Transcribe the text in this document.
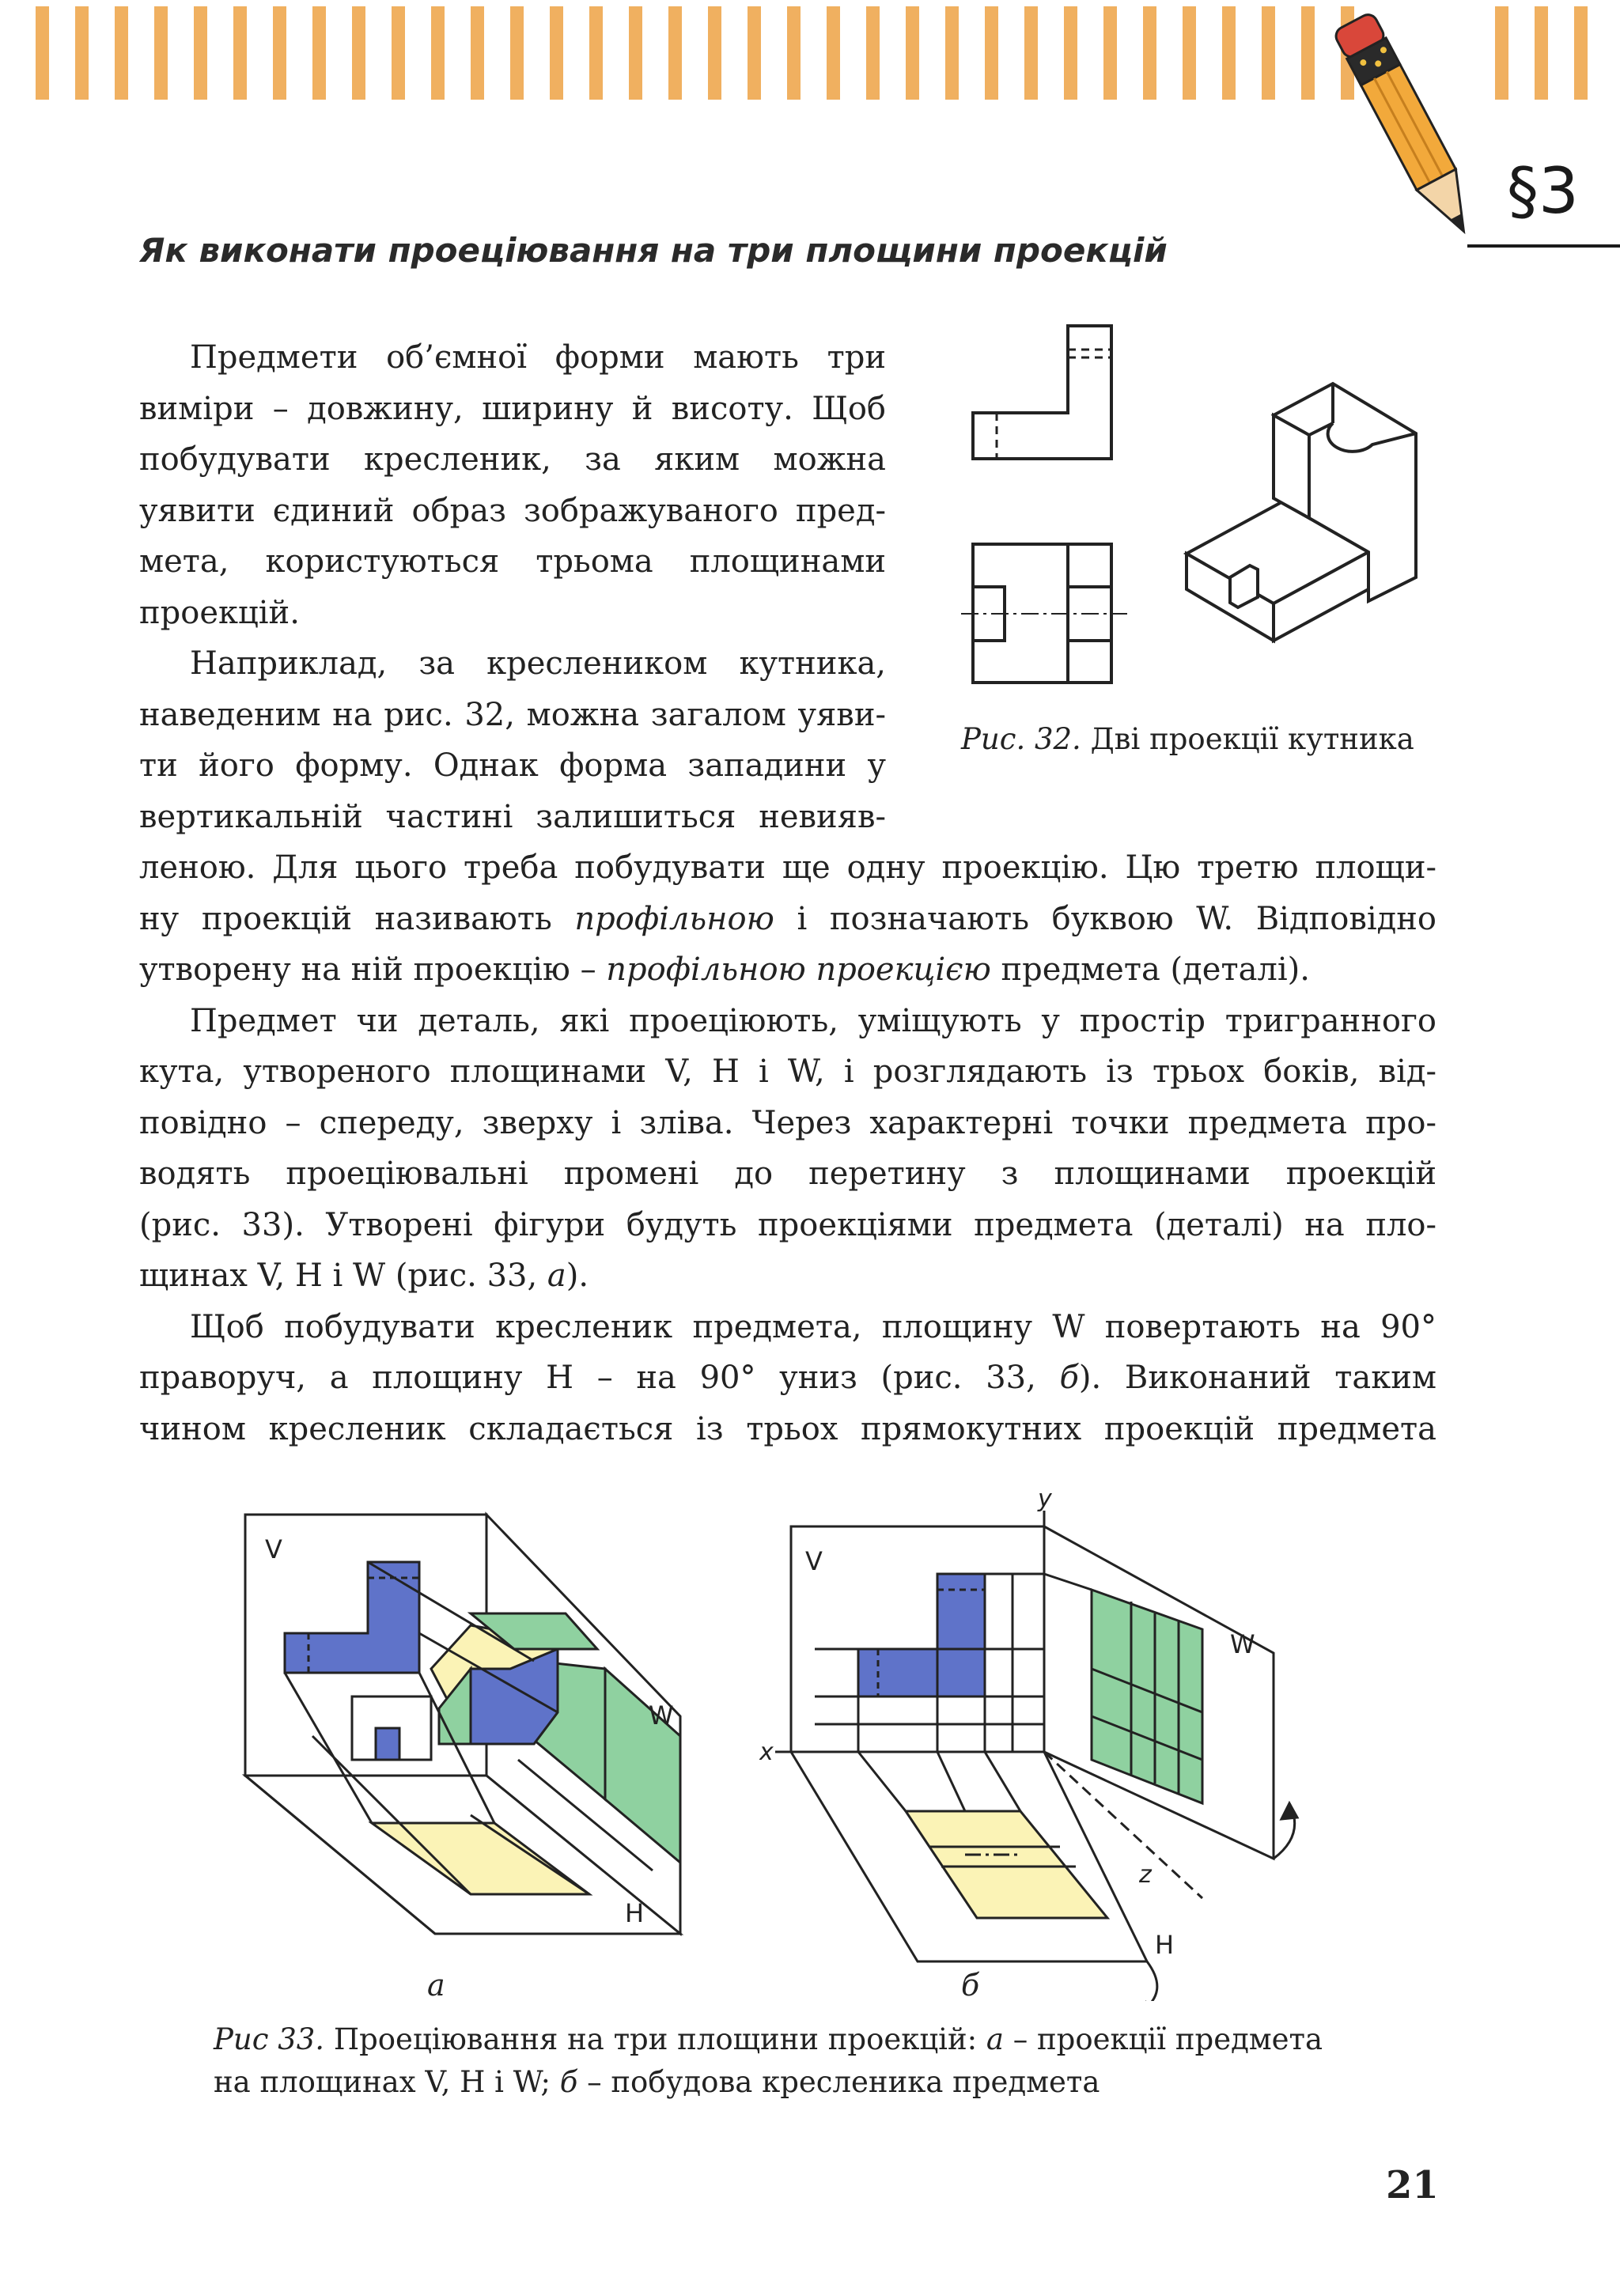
§3
Як виконати проеціювання на три площини проекцій

Предмети об’ємної форми мають три

виміри – довжину, ширину й висоту. Щоб

побудувати кресленик, за яким можна

уявити єдиний образ зображуваного пред-

мета, користуються трьома площинами

проекцій.

Наприклад, за креслеником кутника,

наведеним на рис. 32, можна загалом уяви-

ти його форму. Однак форма западини у

вертикальній частині залишиться невияв-

Рис. 32. Дві проекції кутника

леною. Для цього треба побудувати ще одну проекцію. Цю третю площи-

ну проекцій називають профільною і позначають буквою W. Відповідно

утворену на ній проекцію – профільною проекцією предмета (деталі).

Предмет чи деталь, які проеціюють, уміщують у простір тригранного

кута, утвореного площинами V, H і W, і розглядають із трьох боків, від-

повідно – спереду, зверху і зліва. Через характерні точки предмета про-

водять проеціювальні промені до перетину з площинами проекцій

(рис. 33). Утворені фігури будуть проекціями предмета (деталі) на пло-

щинах V, H і W (рис. 33, а).

Щоб побудувати кресленик предмета, площину W повертають на 90°

праворуч, а площину H – на 90° униз (рис. 33, б). Виконаний таким

чином кресленик складається із трьох прямокутних проекцій предмета

V
W
H
а
V
W
H
x
y
z
б
Рис 33. Проеціювання на три площини проекцій: а – проекції предмета
на площинах V, H і W; б – побудова кресленика предмета
21
